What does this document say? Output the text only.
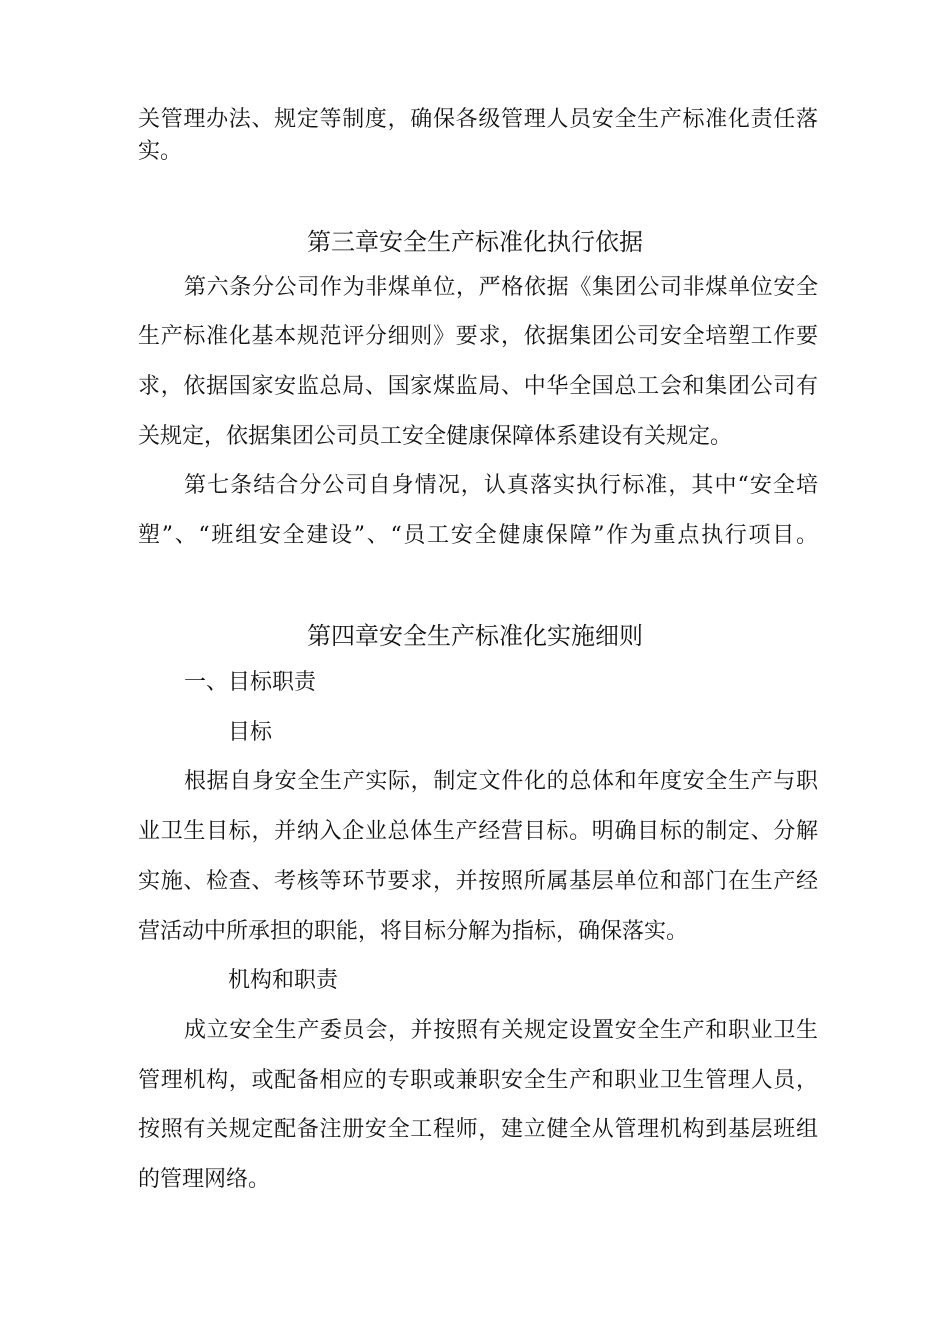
关管理办法、规定等制度，确保各级管理人员安全生产标准化责任落
实。
第三章安全生产标准化执行依据
第六条分公司作为非煤单位，严格依据《集团公司非煤单位安全
生产标准化基本规范评分细则》要求，依据集团公司安全培塑工作要
求，依据国家安监总局、国家煤监局、中华全国总工会和集团公司有
关规定，依据集团公司员工安全健康保障体系建设有关规定。
第七条结合分公司自身情况，认真落实执行标准，其中“安全培
塑”、“班组安全建设”、“员工安全健康保障”作为重点执行项目。
第四章安全生产标准化实施细则
一、目标职责
目标
根据自身安全生产实际，制定文件化的总体和年度安全生产与职
业卫生目标，并纳入企业总体生产经营目标。明确目标的制定、分解
实施、检查、考核等环节要求，并按照所属基层单位和部门在生产经
营活动中所承担的职能，将目标分解为指标，确保落实。
机构和职责
成立安全生产委员会，并按照有关规定设置安全生产和职业卫生
管理机构，或配备相应的专职或兼职安全生产和职业卫生管理人员，
按照有关规定配备注册安全工程师，建立健全从管理机构到基层班组
的管理网络。
